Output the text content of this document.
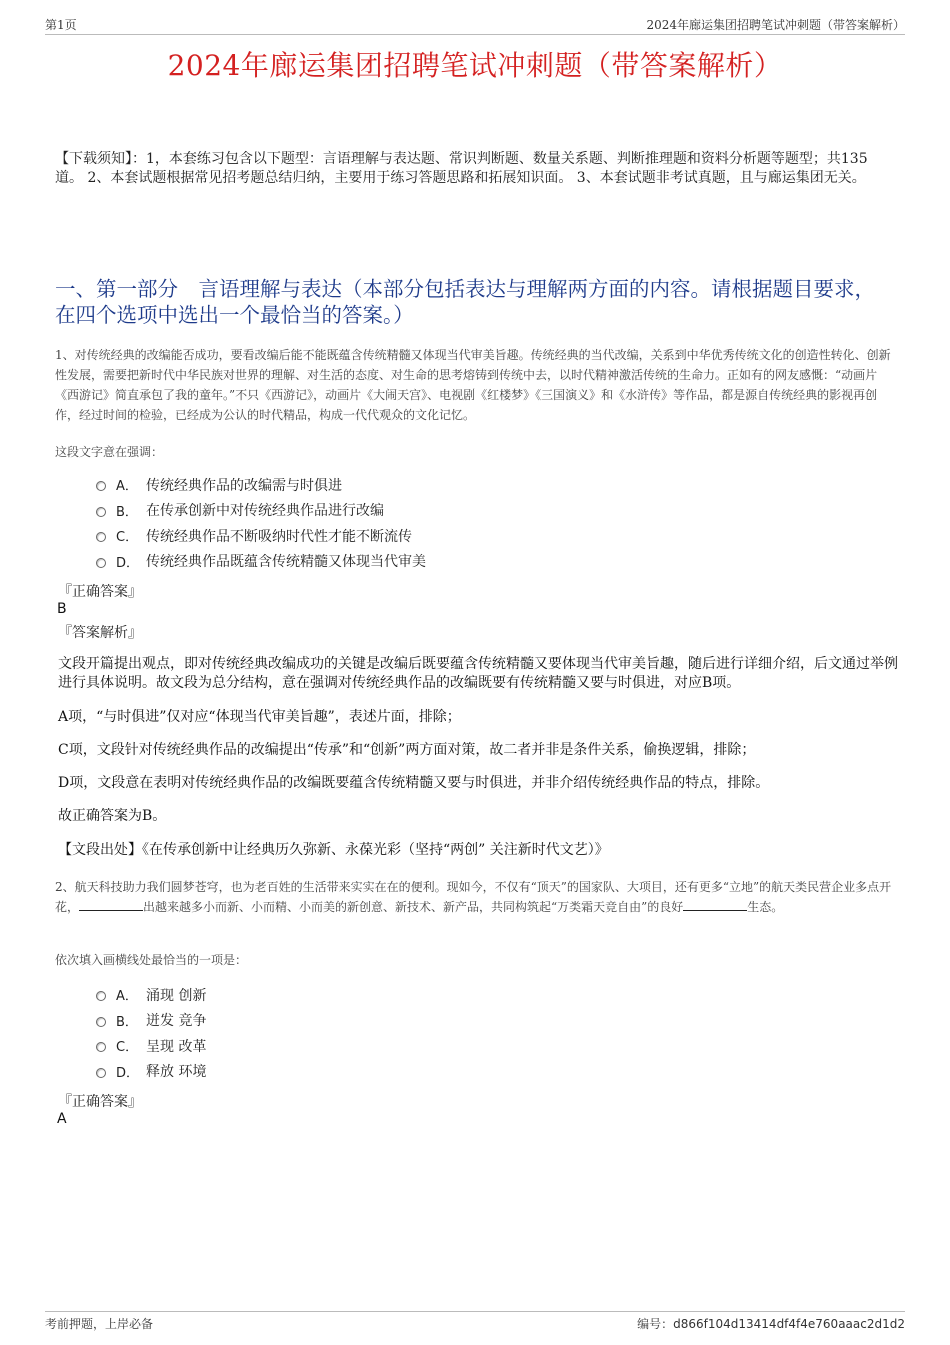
第1页	2024年廊运集团招聘笔试冲刺题（带答案解析）
2024年廊运集团招聘笔试冲刺题（带答案解析）
【下载须知】：1，本套练习包含以下题型：言语理解与表达题、常识判断题、数量关系题、判断推理题和资料分析题等题型；共135道。 2、本套试题根据常见招考题总结归纳，主要用于练习答题思路和拓展知识面。 3、本套试题非考试真题，且与廊运集团无关。
一、第一部分　言语理解与表达（本部分包括表达与理解两方面的内容。请根据题目要求，在四个选项中选出一个最恰当的答案。）
1、对传统经典的改编能否成功，要看改编后能不能既蕴含传统精髓又体现当代审美旨趣。传统经典的当代改编，关系到中华优秀传统文化的创造性转化、创新性发展，需要把新时代中华民族对世界的理解、对生活的态度、对生命的思考熔铸到传统中去，以时代精神激活传统的生命力。正如有的网友感慨：“动画片《西游记》简直承包了我的童年。”不只《西游记》，动画片《大闹天宫》、电视剧《红楼梦》《三国演义》和《水浒传》等作品，都是源自传统经典的影视再创作，经过时间的检验，已经成为公认的时代精品，构成一代代观众的文化记忆。
这段文字意在强调：
A． 传统经典作品的改编需与时俱进
B． 在传承创新中对传统经典作品进行改编
C． 传统经典作品不断吸纳时代性才能不断流传
D． 传统经典作品既蕴含传统精髓又体现当代审美
『正确答案』
B
『答案解析』
文段开篇提出观点，即对传统经典改编成功的关键是改编后既要蕴含传统精髓又要体现当代审美旨趣，随后进行详细介绍，后文通过举例进行具体说明。故文段为总分结构，意在强调对传统经典作品的改编既要有传统精髓又要与时俱进，对应B项。
A项，“与时俱进”仅对应“体现当代审美旨趣”，表述片面，排除；
C项，文段针对传统经典作品的改编提出“传承”和“创新”两方面对策，故二者并非是条件关系，偷换逻辑，排除；
D项，文段意在表明对传统经典作品的改编既要蕴含传统精髓又要与时俱进，并非介绍传统经典作品的特点，排除。
故正确答案为B。
【文段出处】《在传承创新中让经典历久弥新、永葆光彩（坚持“两创” 关注新时代文艺）》
2、航天科技助力我们圆梦苍穹，也为老百姓的生活带来实实在在的便利。现如今，不仅有“顶天”的国家队、大项目，还有更多“立地”的航天类民营企业多点开花，	出越来越多小而新、小而精、小而美的新创意、新技术、新产品，共同构筑起“万类霜天竞自由”的良好	生态。
依次填入画横线处最恰当的一项是：
A． 涌现 创新
B． 迸发 竞争
C． 呈现 改革
D． 释放 环境
『正确答案』
A
考前押题，上岸必备	编号：d866f104d13414df4f4e760aaac2d1d2
